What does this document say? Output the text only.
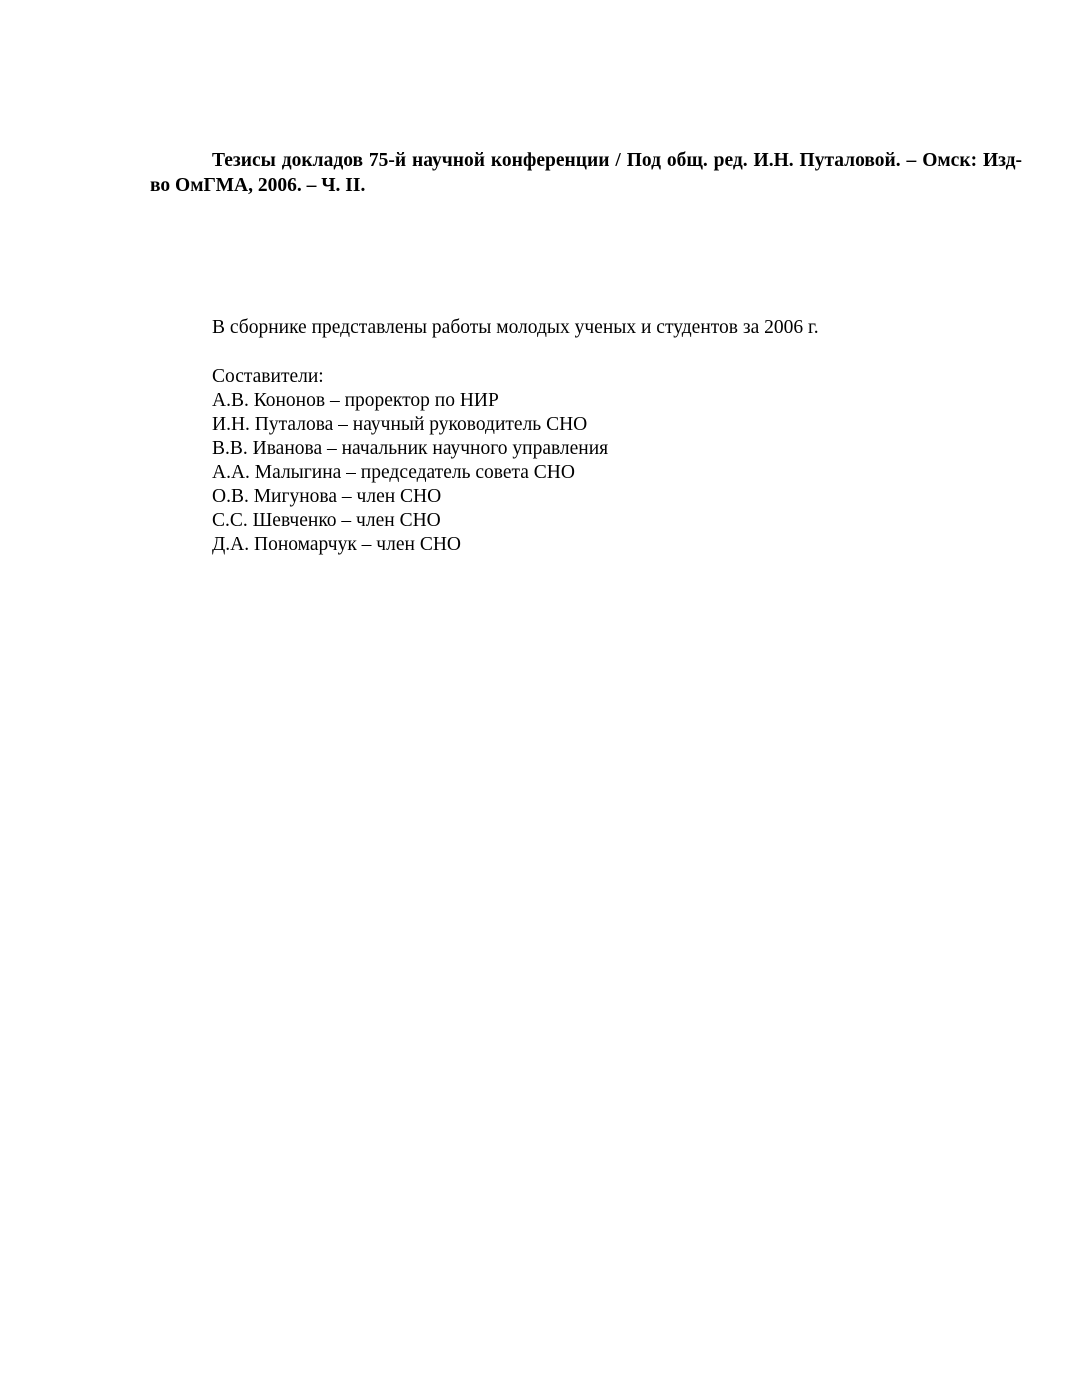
Тезисы докладов 75-й научной конференции / Под общ. ред. И.Н. Путаловой. – Омск: Изд-во ОмГМА, 2006. – Ч. II.

В сборнике представлены работы молодых ученых и студентов за 2006 г.

Составители:
А.В. Кононов – проректор по НИР
И.Н. Путалова – научный руководитель СНО
В.В. Иванова – начальник научного управления
А.А. Малыгина – председатель совета СНО
О.В. Мигунова – член СНО
С.С. Шевченко – член СНО
Д.А. Пономарчук – член СНО
